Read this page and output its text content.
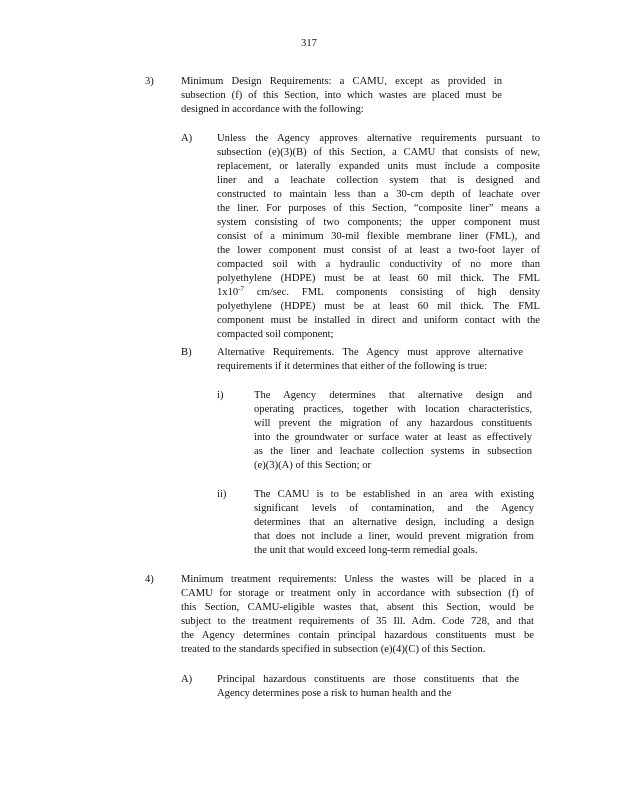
317
3)	Minimum Design Requirements: a CAMU, except as provided in
subsection (f) of this Section, into which wastes are placed must be
designed in accordance with the following:
A) Unless the Agency approves alternative requirements pursuant to
subsection (e)(3)(B) of this Section, a CAMU that consists of new,
replacement, or laterally expanded units must include a composite
liner and a leachate collection system that is designed and
constructed to maintain less than a 30-cm depth of leachate over
the liner. For purposes of this Section, “composite liner” means a
system consisting of two components; the upper component must
consist of a minimum 30-mil flexible membrane liner (FML), and
the lower component must consist of at least a two-foot layer of
compacted soil with a hydraulic conductivity of no more than
polyethylene (HDPE) must be at least 60 mil thick. The FML
$1x10^{-7}$ cm/sec. FML components consisting of high density
polyethylene (HDPE) must be at least 60 mil thick. The FML
component must be installed in direct and uniform contact with the
compacted soil component;
B) Alternative Requirements. The Agency must approve alternative
requirements if it determines that either of the following is true:
i)	The Agency determines that alternative design and
operating practices, together with location characteristics,
will prevent the migration of any hazardous constituents
into the groundwater or surface water at least as effectively
as the liner and leachate collection systems in subsection
(e)(3)(A) of this Section; or
ii)	The CAMU is to be established in an area with existing
significant levels of contamination, and the Agency
determines that an alternative design, including a design
that does not include a liner, would prevent migration from
the unit that would exceed long-term remedial goals.
4)	Minimum treatment requirements: Unless the wastes will be placed in a
CAMU for storage or treatment only in accordance with subsection (f) of
this Section, CAMU-eligible wastes that, absent this Section, would be
subject to the treatment requirements of 35 Ill. Adm. Code 728, and that
the Agency determines contain principal hazardous constituents must be
treated to the standards specified in subsection (e)(4)(C) of this Section.
A) Principal hazardous constituents are those constituents that the
Agency determines pose a risk to human health and the
